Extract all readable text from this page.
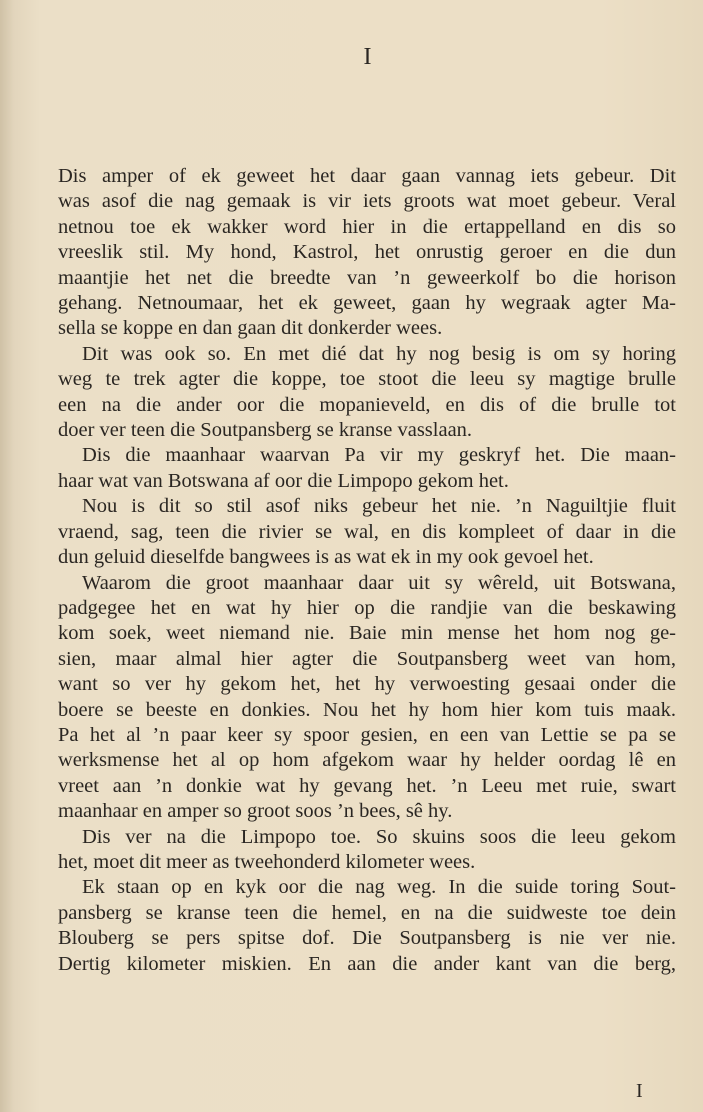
I
Dis amper of ek geweet het daar gaan vannag iets gebeur. Dit
was asof die nag gemaak is vir iets groots wat moet gebeur. Veral
netnou toe ek wakker word hier in die ertappelland en dis so
vreeslik stil. My hond, Kastrol, het onrustig geroer en die dun
maantjie het net die breedte van ’n geweerkolf bo die horison
gehang. Netnoumaar, het ek geweet, gaan hy wegraak agter Ma-
sella se koppe en dan gaan dit donkerder wees.
Dit was ook so. En met dié dat hy nog besig is om sy horing
weg te trek agter die koppe, toe stoot die leeu sy magtige brulle
een na die ander oor die mopanieveld, en dis of die brulle tot
doer ver teen die Soutpansberg se kranse vasslaan.
Dis die maanhaar waarvan Pa vir my geskryf het. Die maan-
haar wat van Botswana af oor die Limpopo gekom het.
Nou is dit so stil asof niks gebeur het nie. ’n Naguiltjie fluit
vraend, sag, teen die rivier se wal, en dis kompleet of daar in die
dun geluid dieselfde bangwees is as wat ek in my ook gevoel het.
Waarom die groot maanhaar daar uit sy wêreld, uit Botswana,
padgegee het en wat hy hier op die randjie van die beskawing
kom soek, weet niemand nie. Baie min mense het hom nog ge-
sien, maar almal hier agter die Soutpansberg weet van hom,
want so ver hy gekom het, het hy verwoesting gesaai onder die
boere se beeste en donkies. Nou het hy hom hier kom tuis maak.
Pa het al ’n paar keer sy spoor gesien, en een van Lettie se pa se
werksmense het al op hom afgekom waar hy helder oordag lê en
vreet aan ’n donkie wat hy gevang het. ’n Leeu met ruie, swart
maanhaar en amper so groot soos ’n bees, sê hy.
Dis ver na die Limpopo toe. So skuins soos die leeu gekom
het, moet dit meer as tweehonderd kilometer wees.
Ek staan op en kyk oor die nag weg. In die suide toring Sout-
pansberg se kranse teen die hemel, en na die suidweste toe dein
Blouberg se pers spitse dof. Die Soutpansberg is nie ver nie.
Dertig kilometer miskien. En aan die ander kant van die berg,
I
